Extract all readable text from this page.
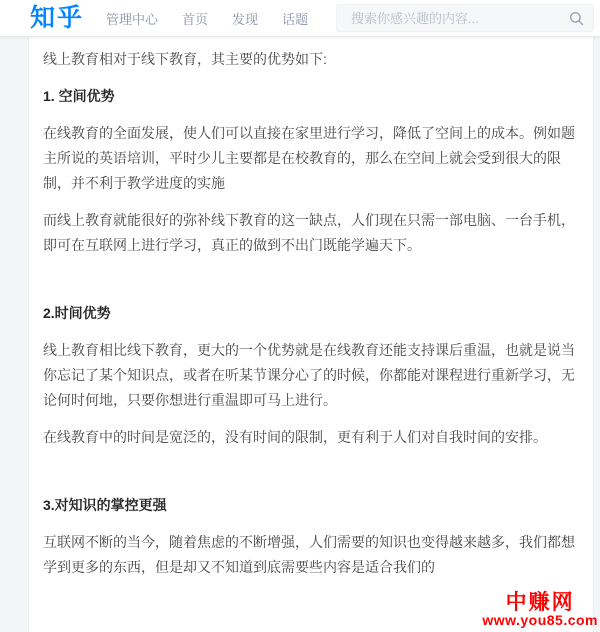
知乎 管理中心 首页 发现 话题
搜索你感兴趣的内容...

线上教育相对于线下教育，其主要的优势如下:

1. 空间优势

在线教育的全面发展，使人们可以直接在家里进行学习，降低了空间上的成本。例如题主所说的英语培训，平时少儿主要都是在校教育的，那么在空间上就会受到很大的限制，并不利于教学进度的实施

而线上教育就能很好的弥补线下教育的这一缺点，人们现在只需一部电脑、一台手机，即可在互联网上进行学习，真正的做到不出门既能学遍天下。

2.时间优势

线上教育相比线下教育，更大的一个优势就是在线教育还能支持课后重温，也就是说当你忘记了某个知识点，或者在听某节课分心了的时候，你都能对课程进行重新学习，无论何时何地，只要你想进行重温即可马上进行。

在线教育中的时间是宽泛的，没有时间的限制，更有利于人们对自我时间的安排。

3.对知识的掌控更强

互联网不断的当今，随着焦虑的不断增强，人们需要的知识也变得越来越多，我们都想学到更多的东西，但是却又不知道到底需要些内容是适合我们的

中赚网
www.you85.com
